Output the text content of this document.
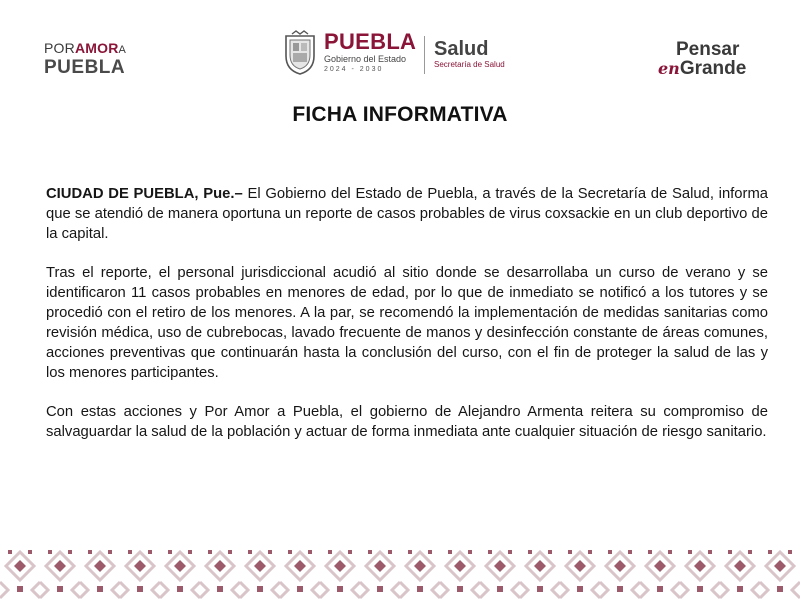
PORAMORA
PUEBLA
PUEBLA
Gobierno del Estado
2024 - 2030
Salud
Secretaría de Salud
Pensar
enGrande
FICHA INFORMATIVA

CIUDAD DE PUEBLA, Pue.– El Gobierno del Estado de Puebla, a través de la Secretaría de Salud, informa que se atendió de manera oportuna un reporte de casos probables de virus coxsackie en un club deportivo de la capital.

Tras el reporte, el personal jurisdiccional acudió al sitio donde se desarrollaba un curso de verano y se identificaron 11 casos probables en menores de edad, por lo que de inmediato se notificó a los tutores y se procedió con el retiro de los menores. A la par, se recomendó la implementación de medidas sanitarias como revisión médica, uso de cubrebocas, lavado frecuente de manos y desinfección constante de áreas comunes, acciones preventivas que continuarán hasta la conclusión del curso, con el fin de proteger la salud de las y los menores participantes.

Con estas acciones y Por Amor a Puebla, el gobierno de Alejandro Armenta reitera su compromiso de salvaguardar la salud de la población y actuar de forma inmediata ante cualquier situación de riesgo sanitario.
